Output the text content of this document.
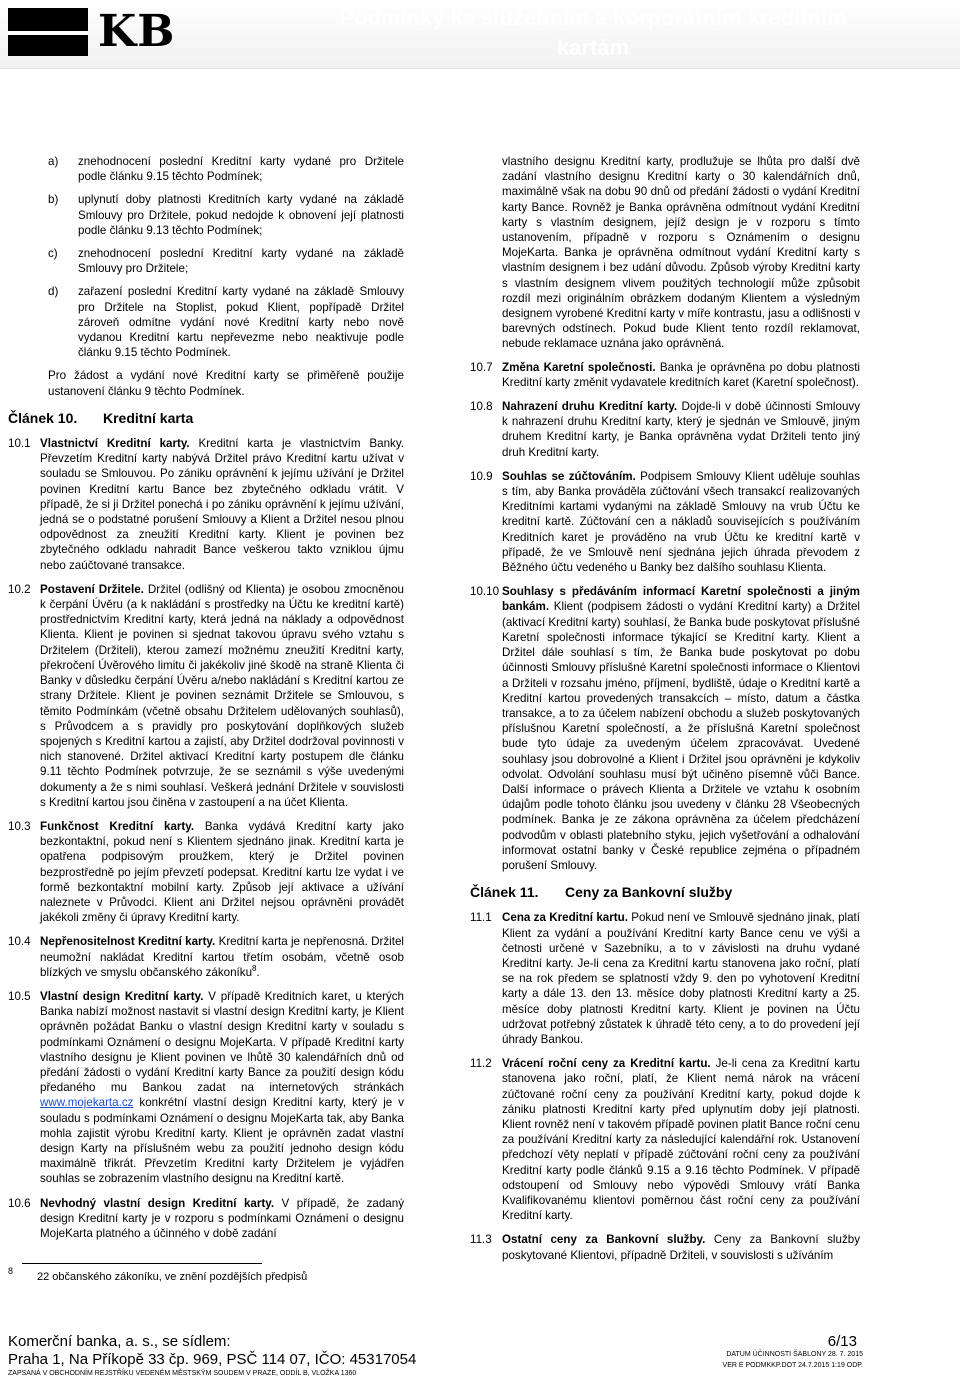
KB	Podmínky ke služebním a korporátním kreditním kartám
a)	znehodnocení poslední Kreditní karty vydané pro Držitele podle článku 9.15 těchto Podmínek;
b)	uplynutí doby platnosti Kreditních karty vydané na základě Smlouvy pro Držitele, pokud nedojde k obnovení její platnosti podle článku 9.13 těchto Podmínek;
c)	znehodnocení poslední Kreditní karty vydané na základě Smlouvy pro Držitele;
d)	zařazení poslední Kreditní karty vydané na základě Smlouvy pro Držitele na Stoplist, pokud Klient, popřípadě Držitel zároveň odmítne vydání nové Kreditní karty nebo nově vydanou Kreditní kartu nepřevezme nebo neaktivuje podle článku 9.15 těchto Podmínek.

Pro žádost a vydání nové Kreditní karty se přiměřeně použije ustanovení článku 9 těchto Podmínek.

Článek 10.	Kreditní karta
10.1 Vlastnictví Kreditní karty. Kreditní karta je vlastnictvím Banky. Převzetím Kreditní karty nabývá Držitel právo Kreditní kartu užívat v souladu se Smlouvou. Po zániku oprávnění k jejímu užívání je Držitel povinen Kreditní kartu Bance bez zbytečného odkladu vrátit. V případě, že si ji Držitel ponechá i po zániku oprávnění k jejímu užívání, jedná se o podstatné porušení Smlouvy a Klient a Držitel nesou plnou odpovědnost za zneužití Kreditní karty. Klient je povinen bez zbytečného odkladu nahradit Bance veškerou takto vzniklou újmu nebo zaúčtované transakce.
10.2 Postavení Držitele. Držitel (odlišný od Klienta) je osobou zmocněnou k čerpání Úvěru (a k nakládání s prostředky na Účtu ke kreditní kartě) prostřednictvím Kreditní karty, která jedná na náklady a odpovědnost Klienta. Klient je povinen si sjednat takovou úpravu svého vztahu s Držitelem (Držiteli), kterou zamezí možnému zneužití Kreditní karty, překročení Úvěrového limitu či jakékoliv jiné škodě na straně Klienta či Banky v důsledku čerpání Úvěru a/nebo nakládání s Kreditní kartou ze strany Držitele. Klient je povinen seznámit Držitele se Smlouvou, s těmito Podmínkám (včetně obsahu Držitelem udělovaných souhlasů), s Průvodcem a s pravidly pro poskytování doplňkových služeb spojených s Kreditní kartou a zajistí, aby Držitel dodržoval povinnosti v nich stanovené. Držitel aktivací Kreditní karty postupem dle článku 9.11 těchto Podmínek potvrzuje, že se seznámil s výše uvedenými dokumenty a že s nimi souhlasí. Veškerá jednání Držitele v souvislosti s Kreditní kartou jsou činěna v zastoupení a na účet Klienta.
10.3 Funkčnost Kreditní karty. Banka vydává Kreditní karty jako bezkontaktní, pokud není s Klientem sjednáno jinak. Kreditní karta je opatřena podpisovým proužkem, který je Držitel povinen bezprostředně po jejím převzetí podepsat. Kreditní kartu lze vydat i ve formě bezkontaktní mobilní karty. Způsob její aktivace a užívání naleznete v Průvodci. Klient ani Držitel nejsou oprávněni provádět jakékoli změny či úpravy Kreditní karty.
10.4 Nepřenositelnost Kreditní karty. Kreditní karta je nepřenosná. Držitel neumožní nakládat Kreditní kartou třetím osobám, včetně osob blízkých ve smyslu občanského zákoníku$^8$.
10.5 Vlastní design Kreditní karty. V případě Kreditních karet, u kterých Banka nabízí možnost nastavit si vlastní design Kreditní karty, je Klient oprávněn požádat Banku o vlastní design Kreditní karty v souladu s podmínkami Oznámení o designu MojeKarta. V případě Kreditní karty vlastního designu je Klient povinen ve lhůtě 30 kalendářních dnů od předání žádosti o vydání Kreditní karty Bance za použití design kódu předaného mu Bankou zadat na internetových stránkách www.mojekarta.cz konkrétní vlastní design Kreditní karty, který je v souladu s podmínkami Oznámení o designu MojeKarta tak, aby Banka mohla zajistit výrobu Kreditní karty. Klient je oprávněn zadat vlastní design Karty na příslušném webu za použití jednoho design kódu maximálně třikrát. Převzetím Kreditní karty Držitelem je vyjádřen souhlas se zobrazením vlastního designu na Kreditní kartě.
10.6 Nevhodný vlastní design Kreditní karty. V případě, že zadaný design Kreditní karty je v rozporu s podmínkami Oznámení o designu MojeKarta platného a účinného v době zadání

vlastního designu Kreditní karty, prodlužuje se lhůta pro další dvě zadání vlastního designu Kreditní karty o 30 kalendářních dnů, maximálně však na dobu 90 dnů od předání žádosti o vydání Kreditní karty Bance. Rovněž je Banka oprávněna odmítnout vydání Kreditní karty s vlastním designem, jejíž design je v rozporu s tímto ustanovením, případně v rozporu s Oznámením o designu MojeKarta. Banka je oprávněna odmítnout vydání Kreditní karty s vlastním designem i bez udání důvodu. Způsob výroby Kreditní karty s vlastním designem vlivem použitých technologií může způsobit rozdíl mezi originálním obrázkem dodaným Klientem a výsledným designem vyrobené Kreditní karty v míře kontrastu, jasu a odlišnosti v barevných odstínech. Pokud bude Klient tento rozdíl reklamovat, nebude reklamace uznána jako oprávněná.

10.7 Změna Karetní společnosti. Banka je oprávněna po dobu platnosti Kreditní karty změnit vydavatele kreditních karet (Karetní společnost).
10.8 Nahrazení druhu Kreditní karty. Dojde-li v době účinnosti Smlouvy k nahrazení druhu Kreditní karty, který je sjednán ve Smlouvě, jiným druhem Kreditní karty, je Banka oprávněna vydat Držiteli tento jiný druh Kreditní karty.
10.9 Souhlas se zúčtováním. Podpisem Smlouvy Klient uděluje souhlas s tím, aby Banka prováděla zúčtování všech transakcí realizovaných Kreditními kartami vydanými na základě Smlouvy na vrub Účtu ke kreditní kartě. Zúčtování cen a nákladů souvisejících s používáním Kreditních karet je prováděno na vrub Účtu ke kreditní kartě v případě, že ve Smlouvě není sjednána jejich úhrada převodem z Běžného účtu vedeného u Banky bez dalšího souhlasu Klienta.
10.10 Souhlasy s předáváním informací Karetní společnosti a jiným bankám. Klient (podpisem žádosti o vydání Kreditní karty) a Držitel (aktivací Kreditní karty) souhlasí, že Banka bude poskytovat příslušné Karetní společnosti informace týkající se Kreditní karty. Klient a Držitel dále souhlasí s tím, že Banka bude poskytovat po dobu účinnosti Smlouvy příslušné Karetní společnosti informace o Klientovi a Držiteli v rozsahu jméno, příjmení, bydliště, údaje o Kreditní kartě a Kreditní kartou provedených transakcích – místo, datum a částka transakce, a to za účelem nabízení obchodu a služeb poskytovaných příslušnou Karetní společností, a že příslušná Karetní společnost bude tyto údaje za uvedeným účelem zpracovávat. Uvedené souhlasy jsou dobrovolné a Klient i Držitel jsou oprávněni je kdykoliv odvolat. Odvolání souhlasu musí být učiněno písemně vůči Bance. Další informace o právech Klienta a Držitele ve vztahu k osobním údajům podle tohoto článku jsou uvedeny v článku 28 Všeobecných podmínek. Banka je ze zákona oprávněna za účelem předcházení podvodům v oblasti platebního styku, jejich vyšetřování a odhalování informovat ostatní banky v České republice zejména o případném porušení Smlouvy.
Článek 11.	Ceny za Bankovní služby
11.1 Cena za Kreditní kartu. Pokud není ve Smlouvě sjednáno jinak, platí Klient za vydání a používání Kreditní karty Bance cenu ve výši a četnosti určené v Sazebníku, a to v závislosti na druhu vydané Kreditní karty. Je-li cena za Kreditní kartu stanovena jako roční, platí se na rok předem se splatností vždy 9. den po vyhotovení Kreditní karty a dále 13. den 13. měsíce doby platnosti Kreditní karty a 25. měsíce doby platnosti Kreditní karty. Klient je povinen na Účtu udržovat potřebný zůstatek k úhradě této ceny, a to do provedení její úhrady Bankou.
11.2 Vrácení roční ceny za Kreditní kartu. Je-li cena za Kreditní kartu stanovena jako roční, platí, že Klient nemá nárok na vrácení zúčtované roční ceny za používání Kreditní karty, pokud dojde k zániku platnosti Kreditní karty před uplynutím doby její platnosti. Klient rovněž není v takovém případě povinen platit Bance roční cenu za používání Kreditní karty za následující kalendářní rok. Ustanovení předchozí věty neplatí v případě zúčtování roční ceny za používání Kreditní karty podle článků 9.15 a 9.16 těchto Podmínek. V případě odstoupení od Smlouvy nebo výpovědi Smlouvy vrátí Banka Kvalifikovanému klientovi poměrnou část roční ceny za používání Kreditní karty.
11.3 Ostatní ceny za Bankovní služby. Ceny za Bankovní služby poskytované Klientovi, případně Držiteli, v souvislosti s užíváním
8 22 občanského zákoníku, ve znění pozdějších předpisů
Komerční banka, a. s., se sídlem:
Praha 1, Na Příkopě 33 čp. 969, PSČ 114 07, IČO: 45317054
ZAPSANÁ V OBCHODNÍM REJSTŘÍKU VEDENÉM MĚSTSKÝM SOUDEM V PRAZE, ODDÍL B, VLOŽKA 1360
6/13
DATUM ÚČINNOSTI ŠABLONY 28. 7. 2015
VER E PODMKKP.DOT 24.7.2015 1:19 ODP.
